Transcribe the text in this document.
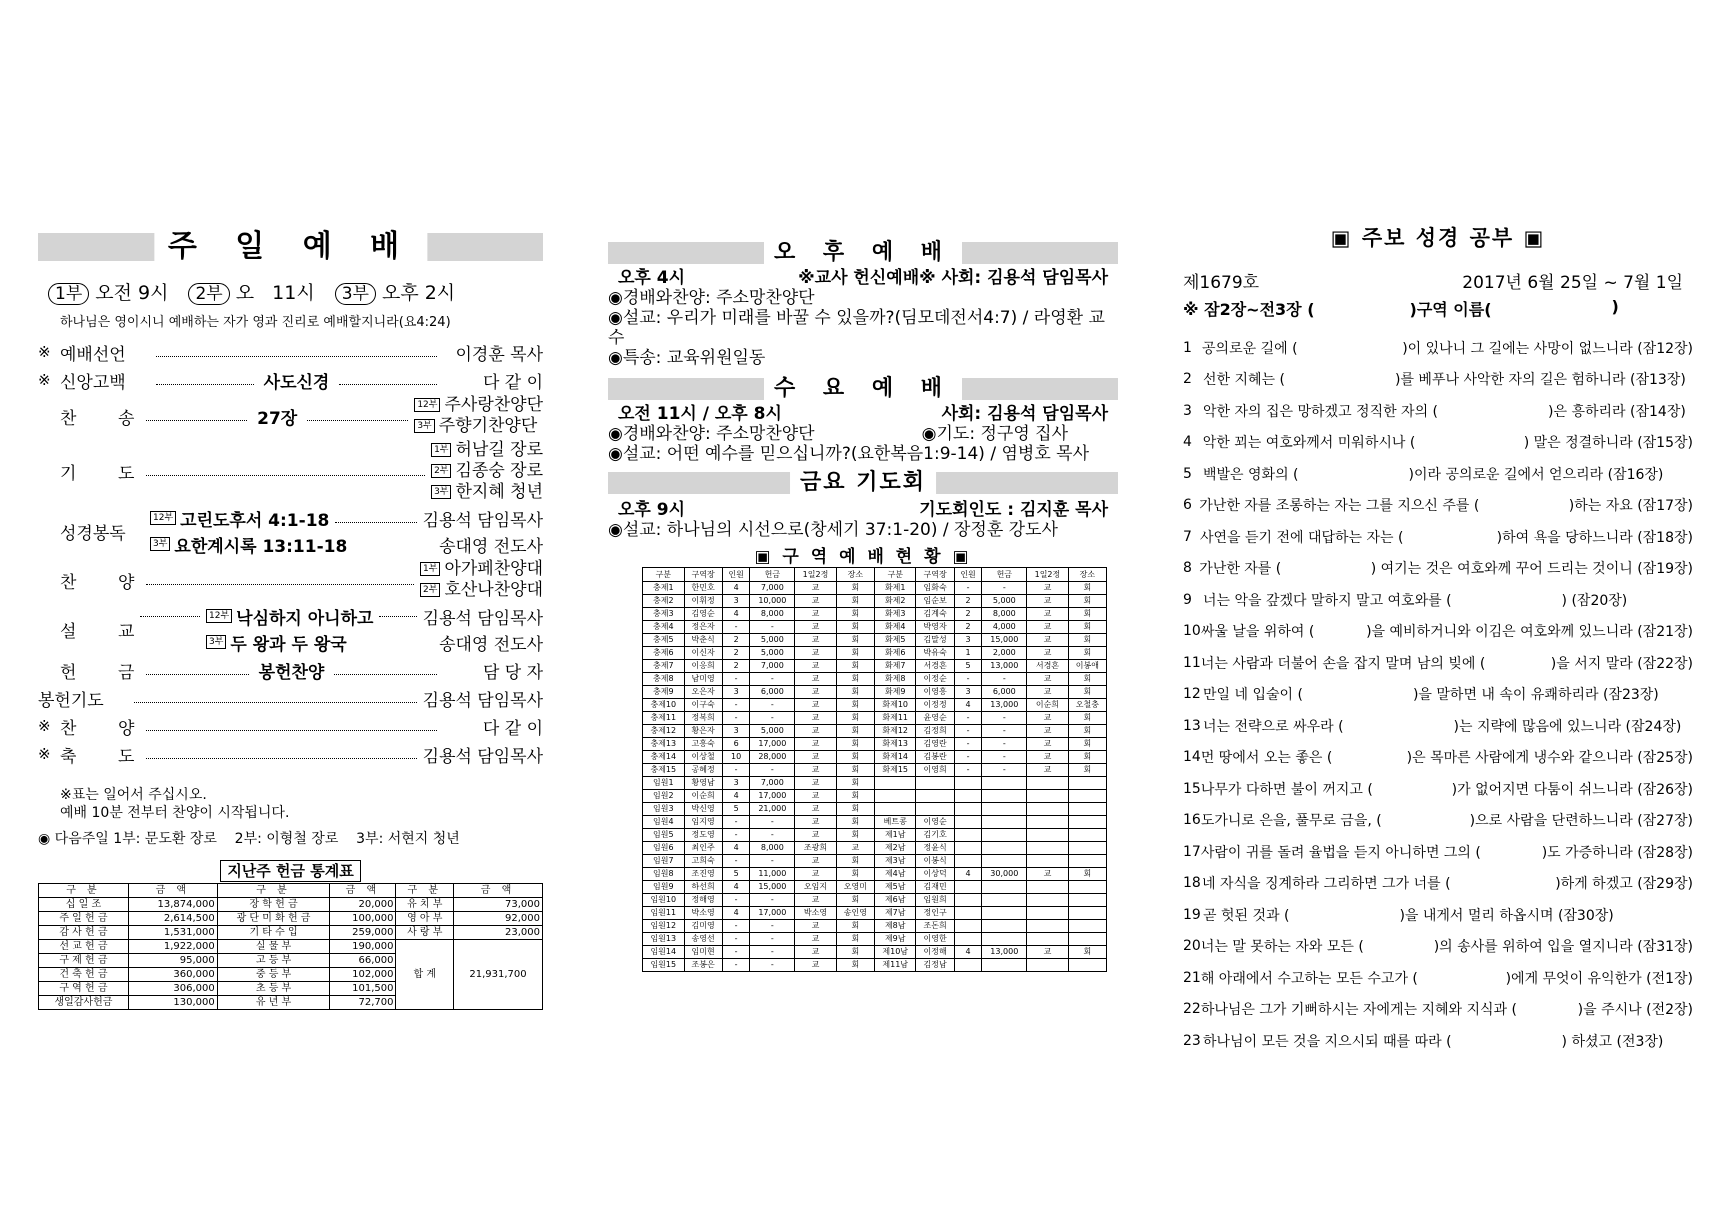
주 일 예 배
1부 오전 9시	2부 오   11시	3부 오후 2시
하나님은 영이시니 예배하는 자가 영과 진리로 예배할지니라(요4:24)
※ 예배선언	이경훈 목사
※ 신앙고백	사도신경	다 같 이
찬    송	27장
12부 주사랑찬양단
3부 주향기찬양단
기    도
1부 허남길 장로
2부 김종숭 장로
3부 한지혜 청년
성경봉독
12부 고린도후서 4:1-18	김용석 담임목사
3부 요한계시록 13:11-18	송대영 전도사
찬    양
1부 아가페찬양대
2부 호산나찬양대
설    교
12부 낙심하지 아니하고	김용석 담임목사
3부 두 왕과 두 왕국	송대영 전도사
헌    금	봉헌찬양	담 당 자
봉헌기도	김용석 담임목사
※ 찬    양	다 같 이
※ 축    도	김용석 담임목사
※표는 일어서 주십시오.
예배 10분 전부터 찬양이 시작됩니다.
◉ 다음주일 1부: 문도환 장로    2부: 이형철 장로    3부: 서현지 청년
지난주 헌금 통계표
구 분	금 액	구 분	금 액	구 분	금 액
십 일 조	13,874,000	장 학 헌 금	20,000	유 치 부	73,000
주 일 헌 금	2,614,500	광 단 미 화 헌 금	100,000	영 아 부	92,000
감 사 헌 금	1,531,000	기 타 수 입	259,000	사 랑 부	23,000
선 교 헌 금	1,922,000	실 물 부	190,000	합 계	21,931,700
구 제 헌 금	95,000	고 등 부	66,000		
건 축 헌 금	360,000	중 등 부	102,000		
구 역 헌 금	306,000	초 등 부	101,500		
생일감사헌금	130,000	유 년 부	72,700		
오 후 예 배
오후 4시	※교사 헌신예배※ 사회: 김용석 담임목사
◉경배와찬양: 주소망찬양단
◉설교: 우리가 미래를 바꿀 수 있을까?(딤모데전서4:7) / 라영환 교수
◉특송: 교육위원일동
수 요 예 배
오전 11시 / 오후 8시	사회: 김용석 담임목사
◉경배와찬양: 주소망찬양단	◉기도: 정구영 집사
◉설교: 어떤 예수를 믿으십니까?(요한복음1:9-14) / 염병호 목사
금요 기도회
오후 9시	기도회인도 : 김지훈 목사
◉설교: 하나님의 시선으로(창세기 37:1-20) / 장정훈 강도사
▣ 구 역 예 배 현 황 ▣
구분	구역장	인원	헌금	1일2정	장소	구분	구역장	인원	헌금	1일2정	장소
충제1	한민호	4	7,000	교	회	화제1	임화숙	-	-	교	회
충제2	이휘정	3	10,000	교	회	화제2	임순보	2	5,000	교	회
충제3	김영순	4	8,000	교	회	화제3	김계숙	2	8,000	교	회
충제4	정은자	-	-	교	회	화제4	박영자	2	4,000	교	회
충제5	박춘식	2	5,000	교	회	화제5	김말성	3	15,000	교	회
충제6	이신자	2	5,000	교	회	화제6	박유숙	1	2,000	교	회
충제7	이응희	2	7,000	교	회	화제7	서경흔	5	13,000	서경흔	이봉애
충제8	남미영	-	-	교	회	화제8	이정순	-	-	교	회
충제9	오은자	3	6,000	교	회	화제9	이영흥	3	6,000	교	회
충제10	이구숙	-	-	교	회	화제10	이정정	4	13,000	이순희	오철충
충제11	정복희	-	-	교	회	화제11	윤영순	-	-	교	회
충제12	황은자	3	5,000	교	회	화제12	김정희	-	-	교	회
충제13	고흥숙	6	17,000	교	회	화제13	김영란	-	-	교	회
충제14	이상철	10	28,000	교	회	화제14	김봉란	-	-	교	회
충제15	공혜정	-	-	교	회	화제15	이영희	-	-	교	회
임원1	황영남	3	7,000	교	회						
임원2	이순희	4	17,000	교	회						
임원3	박신영	5	21,000	교	회						
임원4	임지영	-	-	교	회	베트콩	이영순				
임원5	정도영	-	-	교	회	제1남	김기호				
임원6	최인주	4	8,000	조광희	교	제2남	정윤식				
임원7	고희숙	-	-	교	회	제3남	이봉식				
임원8	조진영	5	11,000	교	회	제4남	이상덕	4	30,000	교	회
임원9	하선희	4	15,000	오임지	오영미	제5남	김재민				
임원10	정해영	-	-	교	회	제6남	임원희				
임원11	박소영	4	17,000	박소영	송인영	제7남	정인구				
임원12	김미영	-	-	교	회	제8남	조돈희				
임원13	송영선	-	-	교	회	제9남	이영한				
임원14	임미현	-	-	교	회	제10남	이정해	4	13,000	교	회
임원15	조봉은	-	-	교	회	제11남	김정남				
▣ 주보 성경 공부 ▣
제1679호	2017년 6월 25일 ~ 7월 1일
※ 잠2장~전3장 (	)구역 이름(	)
1 공의로운 길에 (	)이 있나니 그 길에는 사망이 없느니라 (잠12장)
2 선한 지혜는 (	)를 베푸나 사악한 자의 길은 험하니라 (잠13장)
3 악한 자의 집은 망하겠고 정직한 자의 (	)은 흥하리라 (잠14장)
4 악한 꾀는 여호와께서 미워하시나 (	) 말은 정결하니라 (잠15장)
5 백발은 영화의 (	)이라 공의로운 길에서 얻으리라 (잠16장)
6 가난한 자를 조롱하는 자는 그를 지으신 주를 (	)하는 자요 (잠17장)
7 사연을 듣기 전에 대답하는 자는 (	)하여 욕을 당하느니라 (잠18장)
8 가난한 자를 (	) 여기는 것은 여호와께 꾸어 드리는 것이니 (잠19장)
9 너는 악을 갚겠다 말하지 말고 여호와를 (	) (잠20장)
10 싸울 날을 위하여 (	)을 예비하거니와 이김은 여호와께 있느니라 (잠21장)
11 너는 사람과 더불어 손을 잡지 말며 남의 빚에 (	)을 서지 말라 (잠22장)
12 만일 네 입술이 (	)을 말하면 내 속이 유쾌하리라 (잠23장)
13 너는 전략으로 싸우라 (	)는 지략에 많음에 있느니라 (잠24장)
14 먼 땅에서 오는 좋은 (	)은 목마른 사람에게 냉수와 같으니라 (잠25장)
15 나무가 다하면 불이 꺼지고 (	)가 없어지면 다툼이 쉬느니라 (잠26장)
16 도가니로 은을, 풀무로 금을, (	)으로 사람을 단련하느니라 (잠27장)
17 사람이 귀를 돌려 율법을 듣지 아니하면 그의 (	)도 가증하니라 (잠28장)
18 네 자식을 징계하라 그리하면 그가 너를 (	)하게 하겠고 (잠29장)
19 곧 헛된 것과 (	)을 내게서 멀리 하옵시며 (잠30장)
20 너는 말 못하는 자와 모든 (	)의 송사를 위하여 입을 열지니라 (잠31장)
21 해 아래에서 수고하는 모든 수고가 (	)에게 무엇이 유익한가 (전1장)
22 하나님은 그가 기뻐하시는 자에게는 지혜와 지식과 (	)을 주시나 (전2장)
23 하나님이 모든 것을 지으시되 때를 따라 (	) 하셨고 (전3장)
